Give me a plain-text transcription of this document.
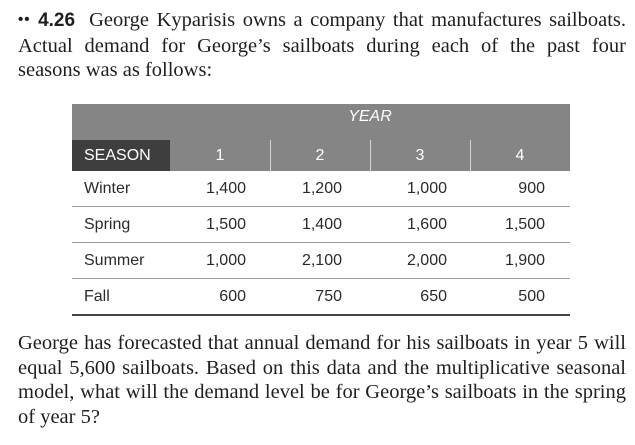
•• 4.26 George Kyparisis owns a company that manufactures sailboats. Actual demand for George’s sailboats during each of the past four seasons was as follows:
YEAR
SEASON	1	2	3	4
Winter	1,400	1,200	1,000	900
Spring	1,500	1,400	1,600	1,500
Summer	1,000	2,100	2,000	1,900
Fall	600	750	650	500
George has forecasted that annual demand for his sailboats in year 5 will equal 5,600 sailboats. Based on this data and the multiplicative seasonal model, what will the demand level be for George’s sailboats in the spring of year 5?
